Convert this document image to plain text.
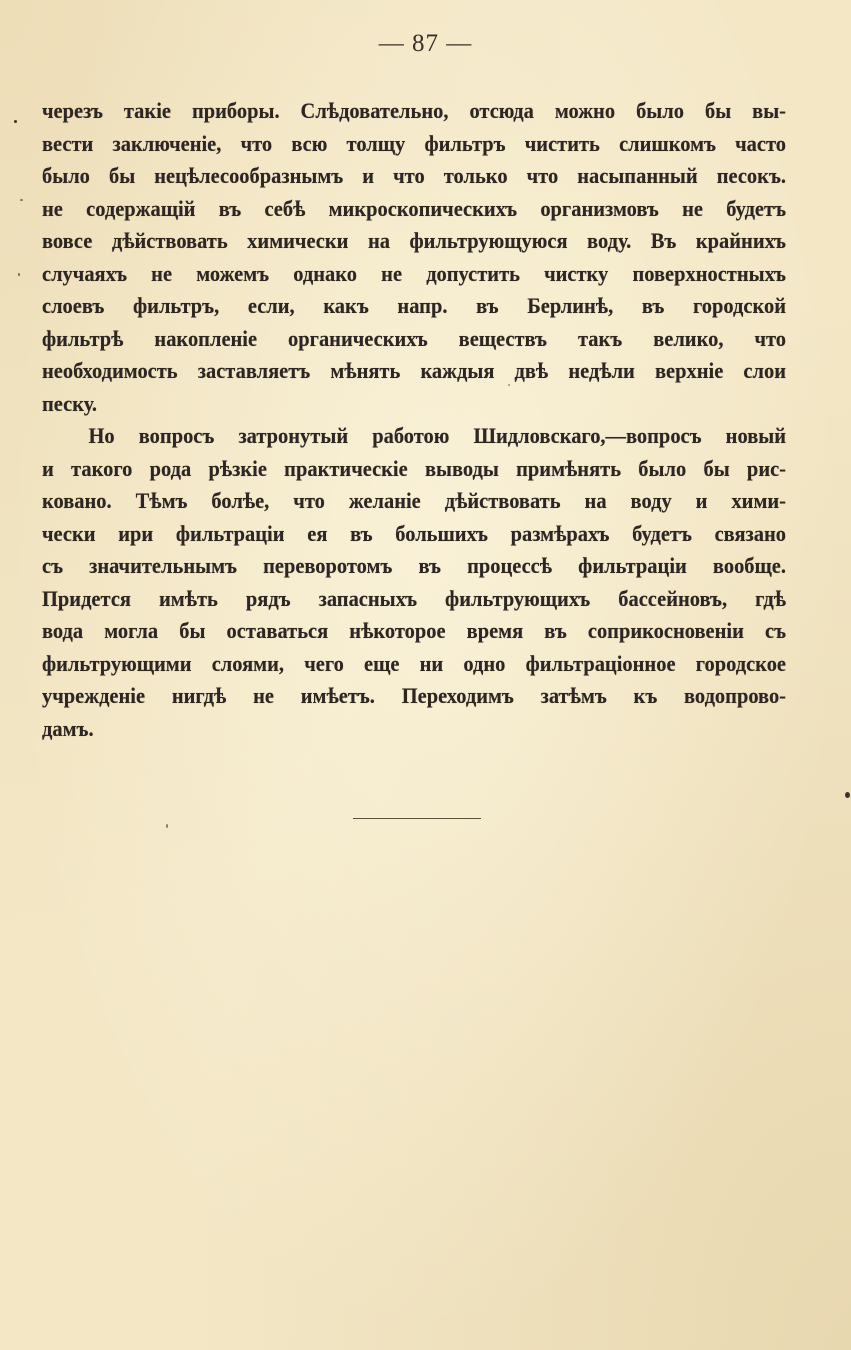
— 87 —
черезъ такіе приборы. Слѣдовательно, отсюда можно было бы вы-
вести заключеніе, что всю толщу фильтръ чистить слишкомъ часто
было бы нецѣлесообразнымъ и что только что насыпанный песокъ.
не содержащій въ себѣ микроскопическихъ организмовъ не будетъ
вовсе дѣйствовать химически на фильтрующуюся воду. Въ крайнихъ
случаяхъ не можемъ однако не допустить чистку поверхностныхъ
слоевъ фильтръ, если, какъ напр. въ Берлинѣ, въ городской
фильтрѣ накопленіе органическихъ веществъ такъ велико, что
необходимость заставляетъ мѣнять каждыя двѣ недѣли верхніе слои
песку.
Но вопросъ затронутый работою Шидловскаго,—вопросъ новый
и такого рода рѣзкіе практическіе выводы примѣнять было бы рис-
ковано. Тѣмъ болѣе, что желаніе дѣйствовать на воду и хими-
чески ири фильтраціи ея въ большихъ размѣрахъ будетъ связано
съ значительнымъ переворотомъ въ процессѣ фильтраціи вообще.
Придется имѣть рядъ запасныхъ фильтрующихъ бассейновъ, гдѣ
вода могла бы оставаться нѣкоторое время въ соприкосновеніи съ
фильтрующими слоями, чего еще ни одно фильтраціонное городское
учрежденіе нигдѣ не имѣетъ. Переходимъ затѣмъ къ водопрово-
дамъ.
